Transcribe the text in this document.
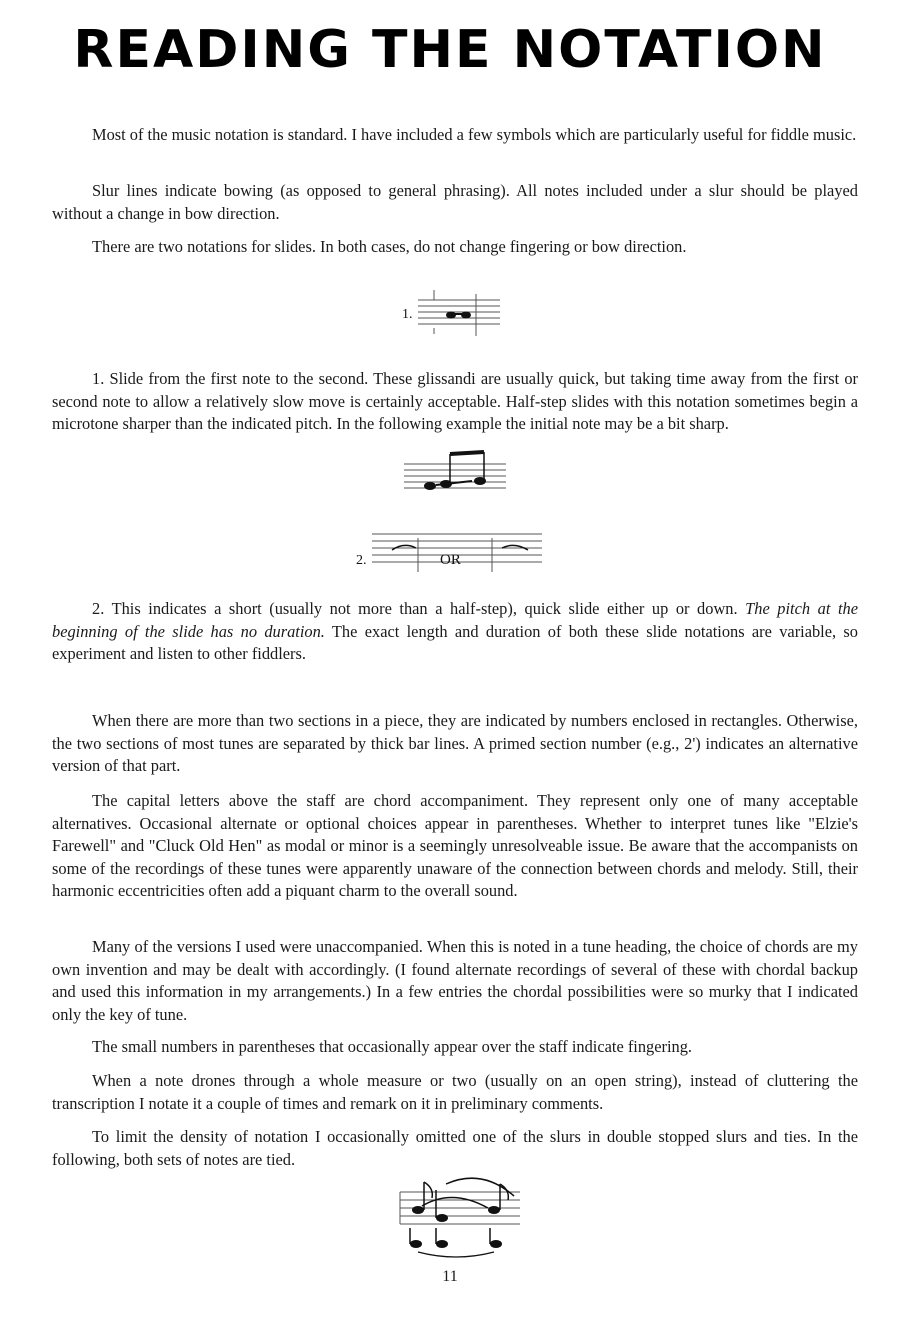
READING THE NOTATION

Most of the music notation is standard. I have included a few symbols which are particularly useful for fiddle music.

Slur lines indicate bowing (as opposed to general phrasing). All notes included under a slur should be played without a change in bow direction.

There are two notations for slides. In both cases, do not change fingering or bow direction.

1.

1. Slide from the first note to the second. These glissandi are usually quick, but taking time away from the first or second note to allow a relatively slow move is certainly acceptable. Half-step slides with this notation sometimes begin a microtone sharper than the indicated pitch. In the following example the initial note may be a bit sharp.

2.	OR

2. This indicates a short (usually not more than a half-step), quick slide either up or down. The pitch at the beginning of the slide has no duration. The exact length and duration of both these slide notations are variable, so experiment and listen to other fiddlers.

When there are more than two sections in a piece, they are indicated by numbers enclosed in rectangles. Otherwise, the two sections of most tunes are separated by thick bar lines. A primed section number (e.g., 2') indicates an alternative version of that part.

The capital letters above the staff are chord accompaniment. They represent only one of many acceptable alternatives. Occasional alternate or optional choices appear in parentheses. Whether to interpret tunes like "Elzie's Farewell" and "Cluck Old Hen" as modal or minor is a seemingly unresolveable issue. Be aware that the accompanists on some of the recordings of these tunes were apparently unaware of the connection between chords and melody. Still, their harmonic eccentricities often add a piquant charm to the overall sound.

Many of the versions I used were unaccompanied. When this is noted in a tune heading, the choice of chords are my own invention and may be dealt with accordingly. (I found alternate recordings of several of these with chordal backup and used this information in my arrangements.) In a few entries the chordal possibilities were so murky that I indicated only the key of tune.

The small numbers in parentheses that occasionally appear over the staff indicate fingering.

When a note drones through a whole measure or two (usually on an open string), instead of cluttering the transcription I notate it a couple of times and remark on it in preliminary comments.

To limit the density of notation I occasionally omitted one of the slurs in double stopped slurs and ties. In the following, both sets of notes are tied.

11
